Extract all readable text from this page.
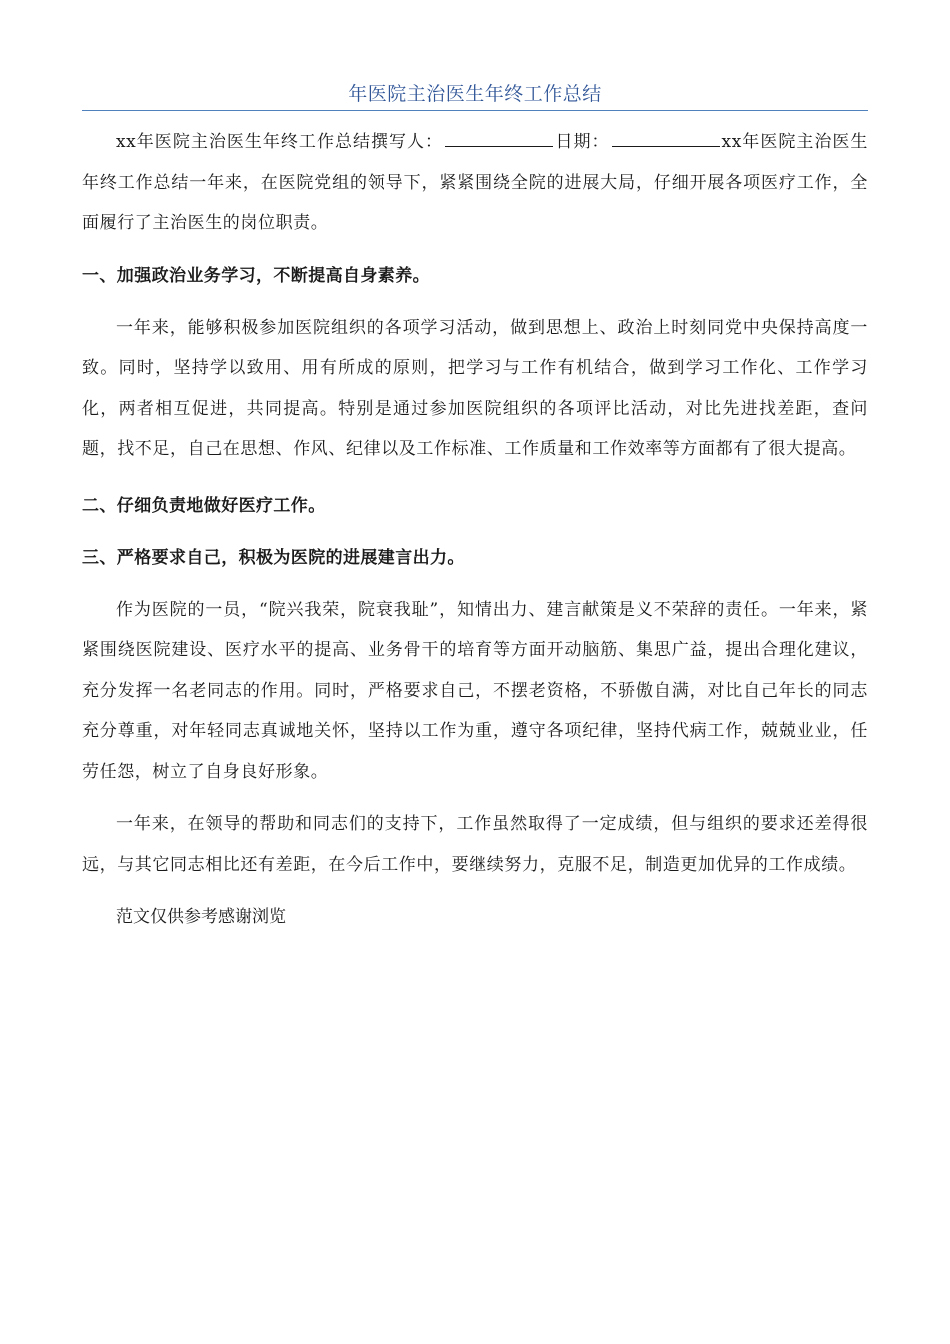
年医院主治医生年终工作总结

xx年医院主治医生年终工作总结撰写人：	日期：	xx年医院主治医生年终工作总结一年来，在医院党组的领导下，紧紧围绕全院的进展大局，仔细开展各项医疗工作，全面履行了主治医生的岗位职责。

一、加强政治业务学习，不断提高自身素养。

一年来，能够积极参加医院组织的各项学习活动，做到思想上、政治上时刻同党中央保持高度一致。同时，坚持学以致用、用有所成的原则，把学习与工作有机结合，做到学习工作化、工作学习化，两者相互促进，共同提高。特别是通过参加医院组织的各项评比活动，对比先进找差距，查问题，找不足，自己在思想、作风、纪律以及工作标准、工作质量和工作效率等方面都有了很大提高。

二、仔细负责地做好医疗工作。

三、严格要求自己，积极为医院的进展建言出力。

作为医院的一员，“院兴我荣，院衰我耻”，知情出力、建言献策是义不荣辞的责任。一年来，紧紧围绕医院建设、医疗水平的提高、业务骨干的培育等方面开动脑筋、集思广益，提出合理化建议，充分发挥一名老同志的作用。同时，严格要求自己，不摆老资格，不骄傲自满，对比自己年长的同志充分尊重，对年轻同志真诚地关怀，坚持以工作为重，遵守各项纪律，坚持代病工作，兢兢业业，任劳任怨，树立了自身良好形象。

一年来，在领导的帮助和同志们的支持下，工作虽然取得了一定成绩，但与组织的要求还差得很远，与其它同志相比还有差距，在今后工作中，要继续努力，克服不足，制造更加优异的工作成绩。

范文仅供参考感谢浏览
